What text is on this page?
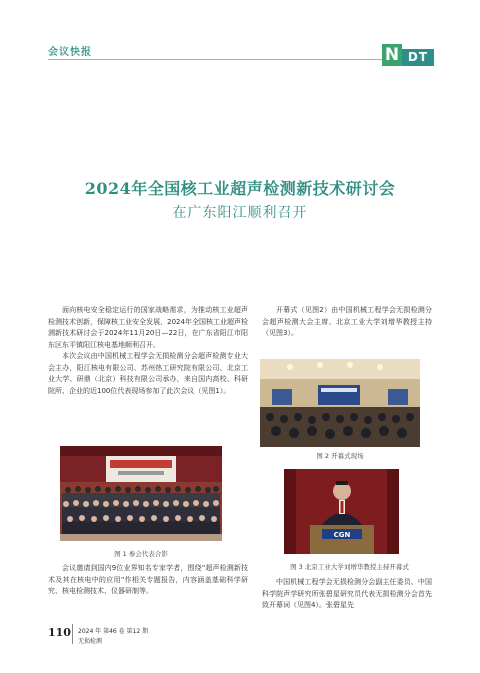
会议快报	N DT
2024年全国核工业超声检测新技术研讨会
在广东阳江顺利召开

面向核电安全稳定运行的国家战略需求，为推动核工业超声检测技术创新，保障核工业安全发展，2024年全国核工业超声检测新技术研讨会于2024年11月20日—22日，在广东省阳江市阳东区东平镇阳江核电基地顺利召开。

本次会议由中国机械工程学会无损检测分会超声检测专业大会主办，阳江核电有限公司、苏州热工研究院有限公司、北京工业大学、研鼎（北京）科技有限公司承办，来自国内高校、科研院所、企业的近100位代表现场参加了此次会议（见图1）。

图 1 参会代表合影

会议邀请到国内9位业界知名专家学者，围绕“超声检测新技术及其在核电中的应用”作相关专题报告，内容涵盖基础科学研究、核电检测技术、仪器研制等。

开幕式（见图2）由中国机械工程学会无损检测分会超声检测大会主席、北京工业大学刘增华教授主持（见图3）。

图 2 开幕式现场
CGN
图 3 北京工业大学刘增华教授主持开幕式

中国机械工程学会无损检测分会副主任委员、中国科学院声学研究所张碧星研究员代表无损检测分会首先致开幕词（见图4）。张碧星先

110 2024 年 第46 卷 第12 期
无损检测
